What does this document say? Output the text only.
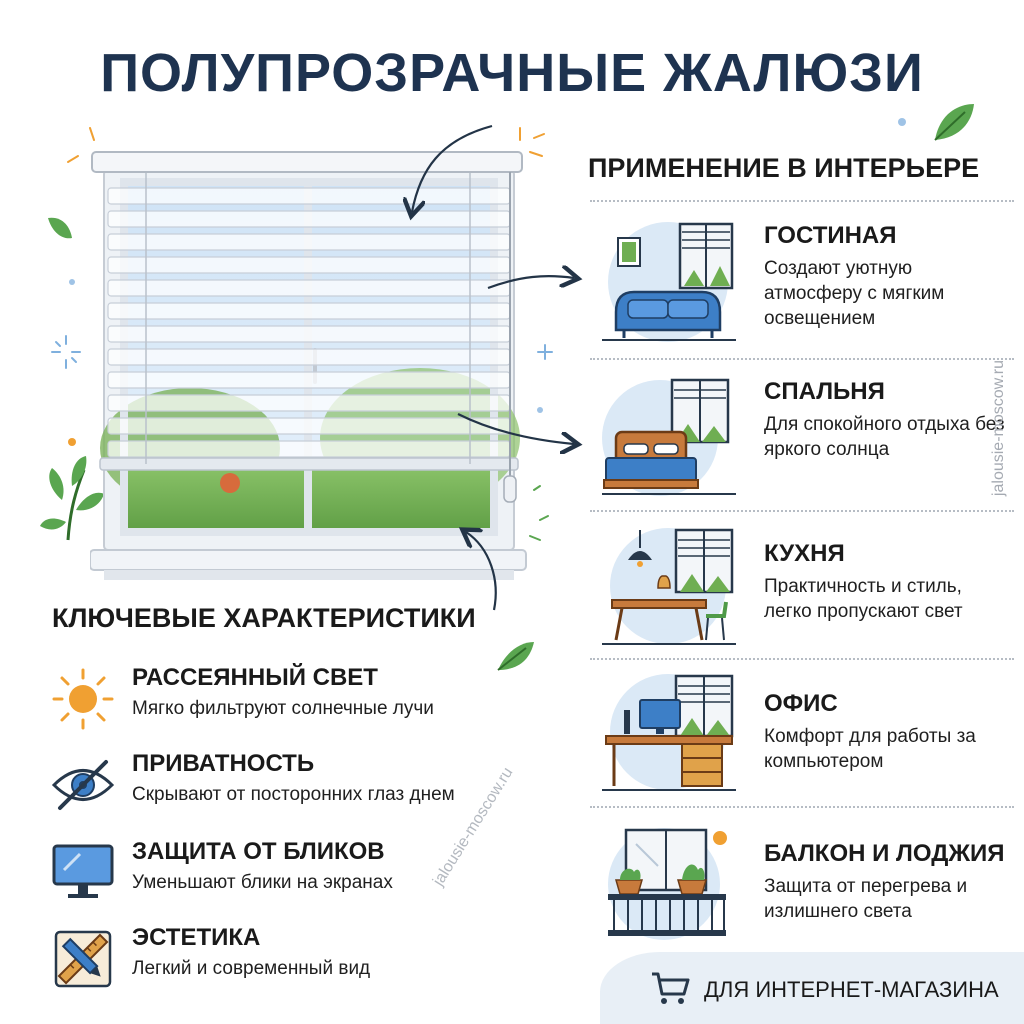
ПОЛУПРОЗРАЧНЫЕ ЖАЛЮЗИ
ПРИМЕНЕНИЕ В ИНТЕРЬЕРЕ
ГОСТИНАЯ
Создают уютную атмосферу с мягким освещением
СПАЛЬНЯ
Для спокойного отдыха без яркого солнца
КУХНЯ
Практичность и стиль, легко пропускают свет
ОФИС
Комфорт для работы за компьютером
БАЛКОН И ЛОДЖИЯ
Защита от перегрева и излишнего света
КЛЮЧЕВЫЕ ХАРАКТЕРИСТИКИ
РАССЕЯННЫЙ СВЕТ
Мягко фильтруют солнечные лучи
ПРИВАТНОСТЬ
Скрывают от посторонних глаз днем
ЗАЩИТА ОТ БЛИКОВ
Уменьшают блики на экранах
ЭСТЕТИКА
Легкий и современный вид
jalousie-moscow.ru
jalousie-moscow.ru
ДЛЯ ИНТЕРНЕТ-МАГАЗИНА
